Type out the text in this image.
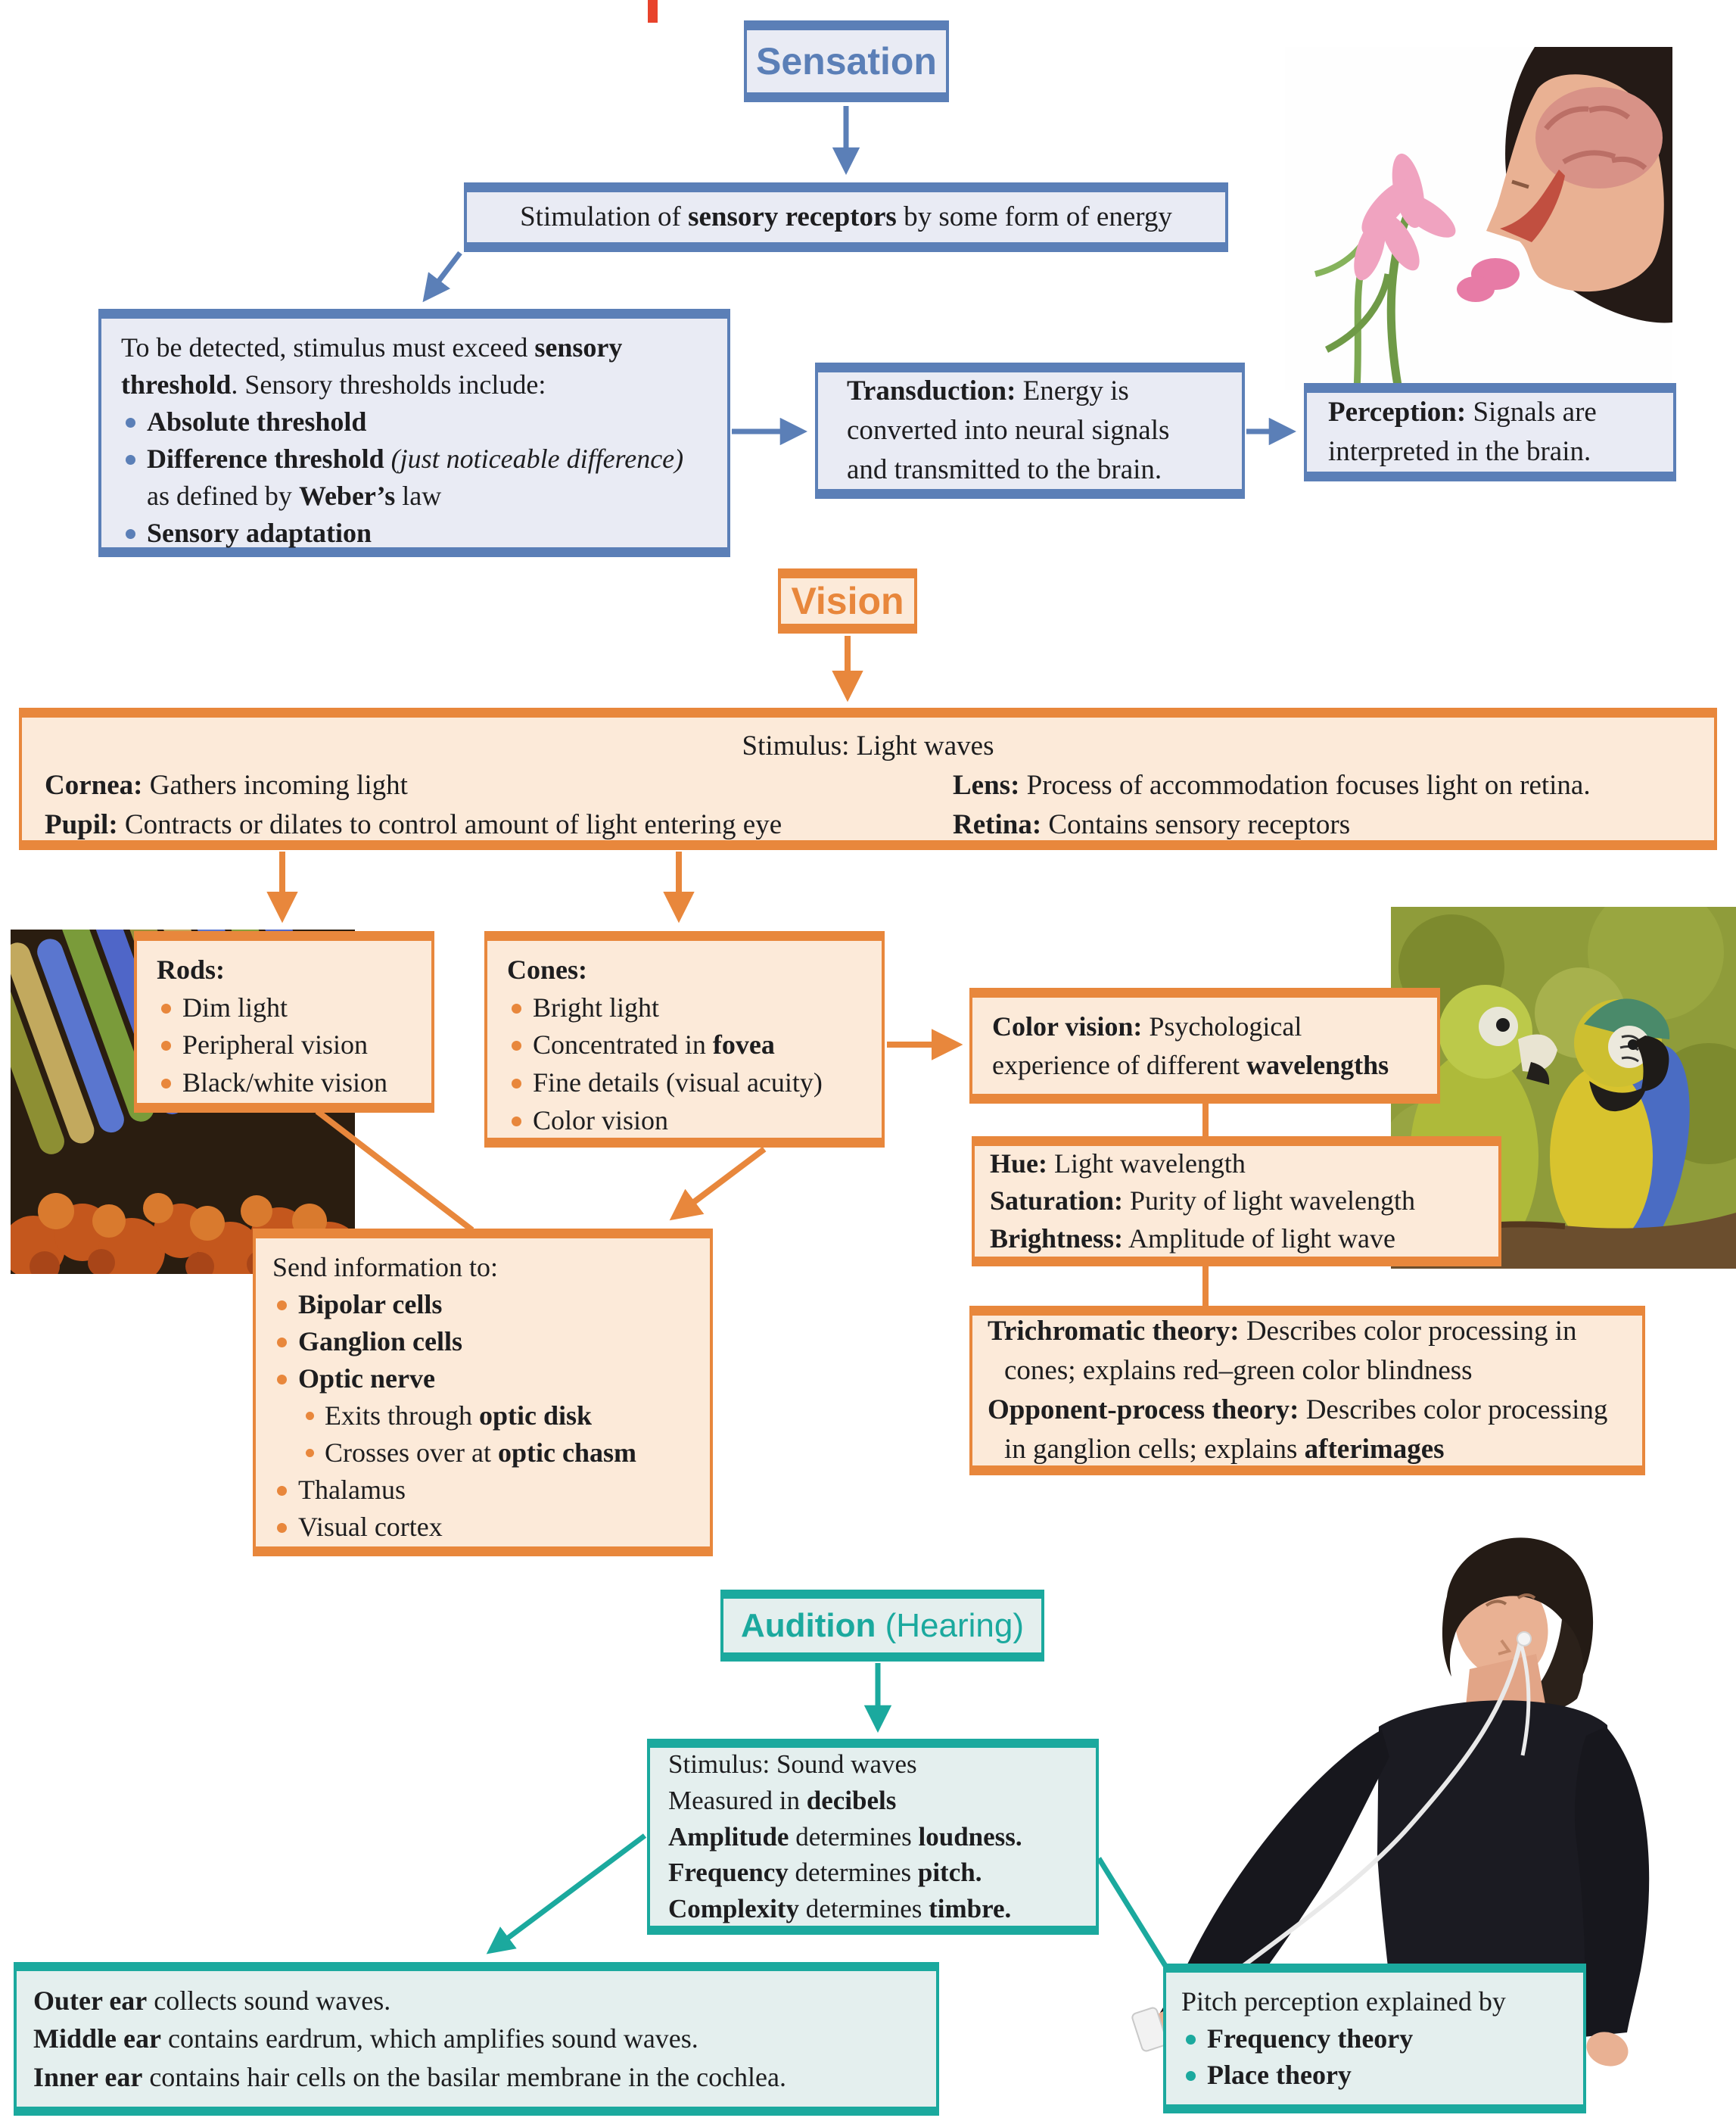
Sensation

Stimulation of sensory receptors by some form of energy

To be detected, stimulus must exceed sensory threshold. Sensory thresholds include:

Absolute threshold

Difference threshold (just noticeable difference) as defined by Weber’s law

Sensory adaptation

Transduction: Energy is converted into neural signals and transmitted to the brain.

Perception: Signals are interpreted in the brain.

Vision

Stimulus: Light waves

Cornea: Gathers incoming light

Pupil: Contracts or dilates to control amount of light entering eye

Lens: Process of accommodation focuses light on retina.

Retina: Contains sensory receptors

Rods:

Dim light

Peripheral vision

Black/white vision

Cones:

Bright light

Concentrated in fovea

Fine details (visual acuity)

Color vision

Color vision: Psychological experience of different wavelengths

Hue: Light wavelength

Saturation: Purity of light wavelength

Brightness: Amplitude of light wave

Trichromatic theory: Describes color processing in cones; explains red–green color blindness

Opponent-process theory: Describes color processing in ganglion cells; explains afterimages

Send information to:

Bipolar cells

Ganglion cells

Optic nerve

Exits through optic disk

Crosses over at optic chasm

Thalamus

Visual cortex

Audition (Hearing)

Stimulus: Sound waves

Measured in decibels

Amplitude determines loudness.

Frequency determines pitch.

Complexity determines timbre.

Outer ear collects sound waves.

Middle ear contains eardrum, which amplifies sound waves.

Inner ear contains hair cells on the basilar membrane in the cochlea.

Pitch perception explained by

Frequency theory

Place theory
